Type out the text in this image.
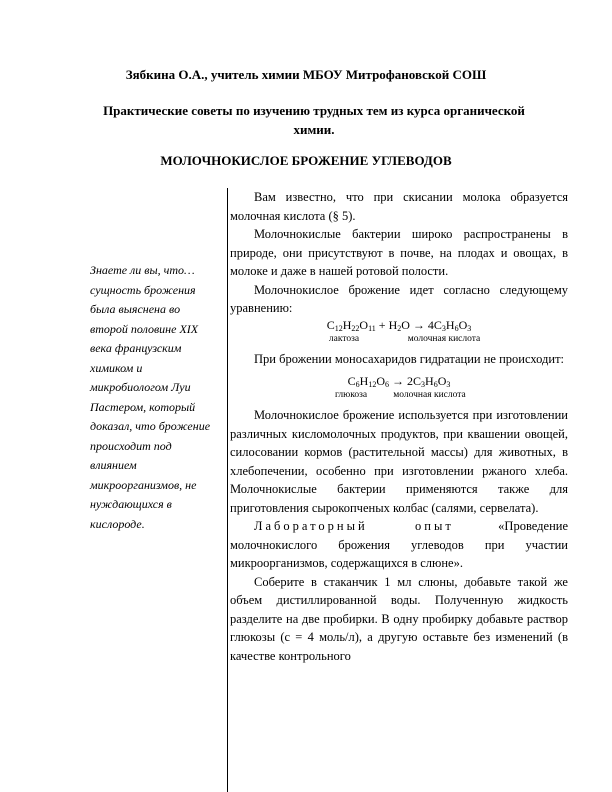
Зябкина О.А., учитель химии МБОУ Митрофановской СОШ
Практические советы по изучению трудных тем из курса органической химии.
МОЛОЧНОКИСЛОЕ БРОЖЕНИЕ УГЛЕВОДОВ
Знаете ли вы, что… сущность брожения была выяснена во второй половине XIX века французским химиком и микробиологом Луи Пастером, который доказал, что брожение происходит под влиянием микроорганизмов, не нуждающихся в кислороде.

Вам известно, что при скисании молока образуется молочная кислота (§ 5).

Молочнокислые бактерии широко распространены в природе, они присутствуют в почве, на плодах и овощах, в молоке и даже в нашей ротовой полости.

Молочнокислое брожение идет согласно следующему уравнению:

$C_{12}H_{22}O_{11} + H_2O \to 4C_3H_6O_3$
лактоза	молочная кислота

При брожении моносахаридов гидратации не происходит:

$C_6H_{12}O_6 \to 2C_3H_6O_3$
глюкоза	молочная кислота

Молочнокислое брожение используется при изготовлении различных кисломолочных продуктов, при квашении овощей, силосовании кормов (растительной массы) для животных, в хлебопечении, особенно при изготовлении ржаного хлеба. Молочнокислые бактерии применяются также для приготовления сырокопченых колбас (салями, сервелата).

Лабораторный опыт	«Проведение молочнокислого брожения углеводов при участии микроорганизмов, содержащихся в слюне».

Соберите в стаканчик 1 мл слюны, добавьте такой же объем дистиллированной воды. Полученную жидкость разделите на две пробирки. В одну пробирку добавьте раствор глюкозы (с = 4 моль/л), а другую оставьте без изменений (в качестве контрольного
